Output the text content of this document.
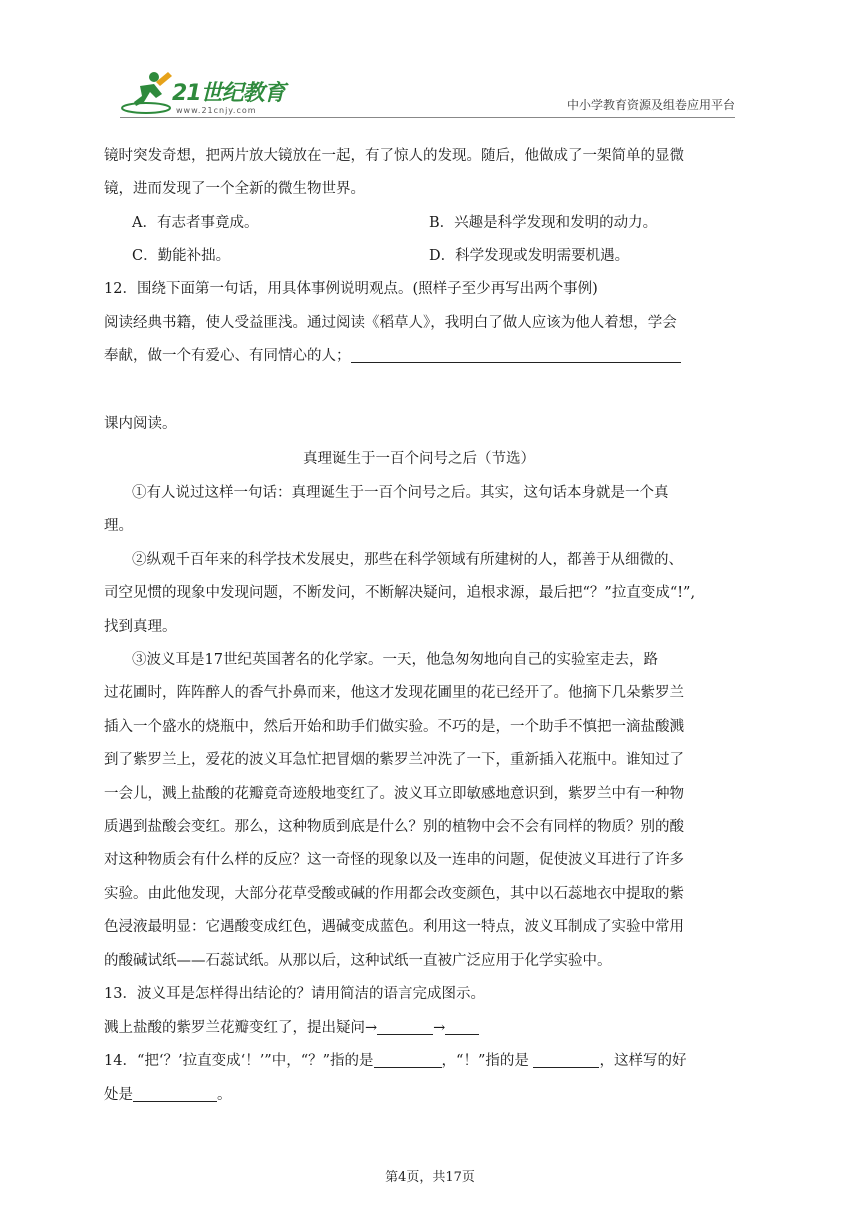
21世纪教育
www.21cnjy.com	中小学教育资源及组卷应用平台
镜时突发奇想，把两片放大镜放在一起，有了惊人的发现。随后，他做成了一架简单的显微
镜，进而发现了一个全新的微生物世界。
A．有志者事竟成。	B．兴趣是科学发现和发明的动力。
C．勤能补拙。	D．科学发现或发明需要机遇。
12．围绕下面第一句话，用具体事例说明观点。(照样子至少再写出两个事例)
阅读经典书籍，使人受益匪浅。通过阅读《稻草人》，我明白了做人应该为他人着想，学会
奉献，做一个有爱心、有同情心的人；
课内阅读。
真理诞生于一百个问号之后（节选）
①有人说过这样一句话：真理诞生于一百个问号之后。其实，这句话本身就是一个真
理。
②纵观千百年来的科学技术发展史，那些在科学领域有所建树的人，都善于从细微的、
司空见惯的现象中发现问题，不断发问，不断解决疑问，追根求源，最后把“？”拉直变成“!”,
找到真理。
③波义耳是17世纪英国著名的化学家。一天，他急匆匆地向自己的实验室走去，路
过花圃时，阵阵醉人的香气扑鼻而来，他这才发现花圃里的花已经开了。他摘下几朵紫罗兰
插入一个盛水的烧瓶中，然后开始和助手们做实验。不巧的是，一个助手不慎把一滴盐酸溅
到了紫罗兰上，爱花的波义耳急忙把冒烟的紫罗兰冲洗了一下，重新插入花瓶中。谁知过了
一会儿，溅上盐酸的花瓣竟奇迹般地变红了。波义耳立即敏感地意识到，紫罗兰中有一种物
质遇到盐酸会变红。那么，这种物质到底是什么？别的植物中会不会有同样的物质？别的酸
对这种物质会有什么样的反应？这一奇怪的现象以及一连串的问题，促使波义耳进行了许多
实验。由此他发现，大部分花草受酸或碱的作用都会改变颜色，其中以石蕊地衣中提取的紫
色浸液最明显：它遇酸变成红色，遇碱变成蓝色。利用这一特点，波义耳制成了实验中常用
的酸碱试纸——石蕊试纸。从那以后，这种试纸一直被广泛应用于化学实验中。
13．波义耳是怎样得出结论的？请用简洁的语言完成图示。
溅上盐酸的紫罗兰花瓣变红了，提出疑问→	→
14．“把‘？’拉直变成‘！’”中，“？”指的是	，“！”指的是	，这样写的好
处是	。
第4页，共17页
